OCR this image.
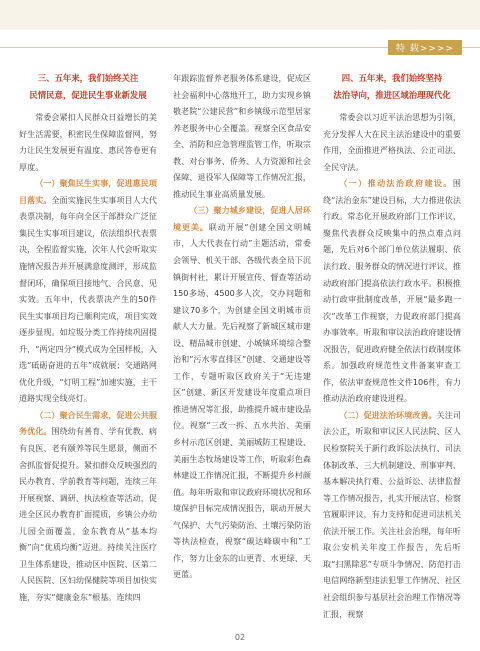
特 载>>>>
三、五年来，我们始终关注
民情民意，促进民生事业新发展

常委会紧扣人民群众日益增长的美好生活需要，积密民生保障监督网，努力让民生发展更有温度、惠民答卷更有厚度。

（一）聚焦民生实事，促进惠民项目落实。全面实施民生实事项目人大代表票决制，每年向全区干部群众广泛征集民生实事项目建议，依法组织代表票决，全程监督实施，次年人代会听取实施情况报告并开展满意度测评，形成监督闭环，确保项目接地气、合民意、见实效。五年中，代表票决产生的50件民生实事项目均已顺利完成，项目实效逐步显现。如垃圾分类工作持续巩固提升，“两定四分”模式成为全国样板，入选“砥砺奋进的五年”成就展；交通路网优化升级，“灯明工程”加速实施，主干道路实现全线亮灯。

（二）聚合民生需求，促进公共服务优化。围绕幼有善育、学有优教、病有良医、老有颐养等民生愿景，侧面不舍抓监督促提升。紧扣群众反映强烈的民办教育、学前教育等问题，连续三年开展视察、调研、执法检查等活动，促进全区民办教育扩面提质，乡镇公办幼儿园全面覆盖，金东教育从“基本均衡”向“优质均衡”迈进。持续关注医疗卫生体系建设，推动区中医院、区第二人民医院、区妇幼保健院等项目加快实施，夯实“健康金东”根基。连续四

年跟踪监督养老服务体系建设，促成区社会福利中心落地开工，助力实现乡镇敬老院“公建民营”和乡镇级示范型居家养老服务中心全覆盖。视察全区食品安全、消防和应急管理监管工作，听取宗教、对台事务、侨务、人力资源和社会保障、退役军人保障等工作情况汇报，推动民生事业高质量发展。

（三）聚力城乡建设，促进人居环境更美。联动开展“创建全国文明城市，人大代表在行动”主题活动，常委会领导、机关干部、各级代表全员下沉镇街村社，累计开展宣传、督查等活动150多场、4500多人次，交办问题和建议70多个，为创建全国文明城市贡献人大力量。先后视察了新城区城市建设、精品城市创建、小城镇环境综合整治和“污水零直排区”创建、交通建设等工作，专题听取区政府关于“无违建区”创建、新区开发建设年度重点项目推进情况等汇报，助推提升城市建设品位。视察“三改一拆、五水共治、美丽乡村示范区创建、美丽城防工程建设、美丽生态牧场建设等工作，听取彩色森林建设工作情况汇报，不断提升乡村颜值。每年听取和审议政府环境状况和环境保护目标完成情况报告，联动开展大气保护、大气污染防治、土壤污染防治等执法检查，视察“碳达峰碳中和”工作，努力让金东的山更青、水更绿、天更蓝。

四、五年来，我们始终坚持
法治导向，推进区域治理现代化

常委会以习近平法治思想为引领，充分发挥人大在民主法治建设中的重要作用，全面推进严格执法、公正司法、全民守法。

（一）推动法治政府建设。围绕“法治金东”建设目标，大力推进依法行政。常态化开展政府部门工作评议，聚焦代表群众反映集中的热点难点问题，先后对6个部门单位依法履职、依法行政、服务群众的情况进行评议，推动政府部门提高依法行政水平。积极推动行政审批制度改革，开展“最多跑一次”改革工作视察，力促政府部门提高办事效率。听取和审议法治政府建设情况报告，促进政府健全依法行政制度体系。加强政府规范性文件备案审查工作，依法审查规范性文件106件，有力推动法治政府建设进程。

（二）促进法治环境改善。关注司法公正，听取和审议区人民法院、区人民检察院关于新行政诉讼法执行、司法体制改革、三大机制建设、刑事审判、基本解决执行难、公益诉讼、法律监督等工作情况报告，扎实开展法官、检察官履职评议，有力支持和促进司法机关依法开展工作。关注社会治理，每年听取公安机关年度工作报告，先后听取“扫黑除恶”专项斗争情况、防范打击电信网络新型违法犯罪工作情况、社区社会组织参与基层社会治理工作情况等汇报，视察

02
